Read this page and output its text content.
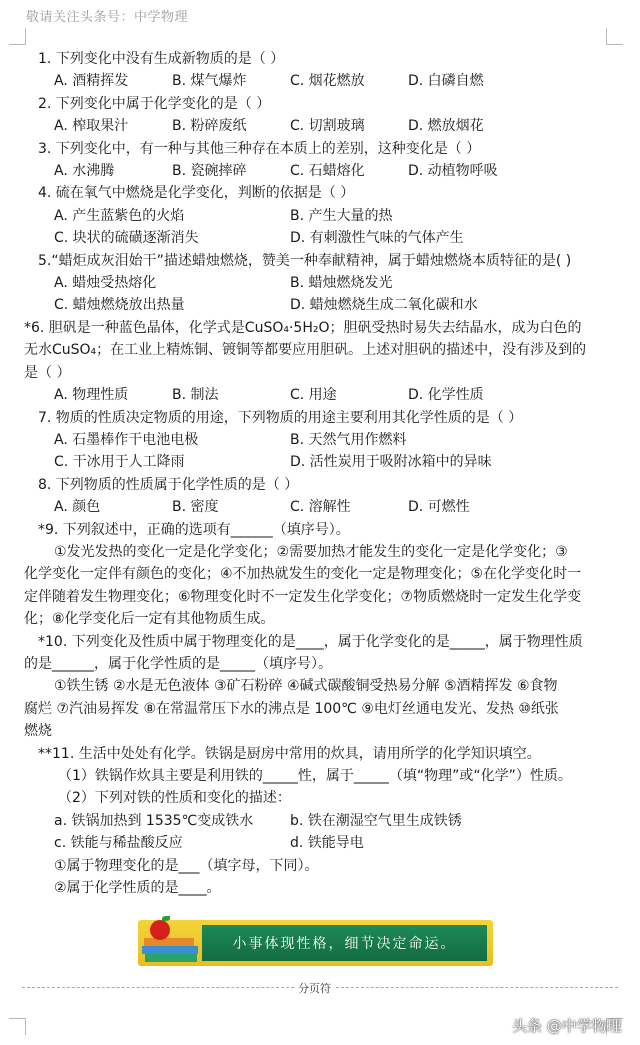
敬请关注头条号：中学物理
1. 下列变化中没有生成新物质的是（ ）
A. 酒精挥发	B. 煤气爆炸	C. 烟花燃放	D. 白磷自燃
2. 下列变化中属于化学变化的是（ ）
A. 榨取果汁	B. 粉碎废纸	C. 切割玻璃	D. 燃放烟花
3. 下列变化中，有一种与其他三种存在本质上的差别，这种变化是（ ）
A. 水沸腾	B. 瓷碗摔碎	C. 石蜡熔化	D. 动植物呼吸
4. 硫在氧气中燃烧是化学变化，判断的依据是（ ）
A. 产生蓝紫色的火焰	B. 产生大量的热
C. 块状的硫磺逐渐消失	D. 有刺激性气味的气体产生
5.“蜡炬成灰泪始干”描述蜡烛燃烧，赞美一种奉献精神，属于蜡烛燃烧本质特征的是( )
A. 蜡烛受热熔化	B. 蜡烛燃烧发光
C. 蜡烛燃烧放出热量	D. 蜡烛燃烧生成二氧化碳和水
*6. 胆矾是一种蓝色晶体，化学式是CuSO₄·5H₂O；胆矾受热时易失去结晶水，成为白色的
无水CuSO₄；在工业上精炼铜、镀铜等都要应用胆矾。上述对胆矾的描述中，没有涉及到的
是（ ）
A. 物理性质	B. 制法	C. 用途	D. 化学性质
7. 物质的性质决定物质的用途，下列物质的用途主要利用其化学性质的是（ ）
A. 石墨棒作干电池电极	B. 天然气用作燃料
C. 干冰用于人工降雨	D. 活性炭用于吸附冰箱中的异味
8. 下列物质的性质属于化学性质的是（ ）
A. 颜色	B. 密度	C. 溶解性	D. 可燃性
*9. 下列叙述中，正确的选项有______（填序号）。
①发光发热的变化一定是化学变化；②需要加热才能发生的变化一定是化学变化；③
化学变化一定伴有颜色的变化；④不加热就发生的变化一定是物理变化；⑤在化学变化时一
定伴随着发生物理变化；⑥物理变化时不一定发生化学变化；⑦物质燃烧时一定发生化学变
化；⑧化学变化后一定有其他物质生成。
*10. 下列变化及性质中属于物理变化的是____，属于化学变化的是_____，属于物理性质
的是______，属于化学性质的是_____（填序号）。
①铁生锈 ②水是无色液体 ③矿石粉碎 ④碱式碳酸铜受热易分解 ⑤酒精挥发 ⑥食物
腐烂 ⑦汽油易挥发 ⑧在常温常压下水的沸点是 100℃ ⑨电灯丝通电发光、发热 ⑩纸张
燃烧
**11. 生活中处处有化学。铁锅是厨房中常用的炊具，请用所学的化学知识填空。
（1）铁锅作炊具主要是利用铁的_____性，属于_____（填“物理”或“化学”）性质。
（2）下列对铁的性质和变化的描述：
a. 铁锅加热到 1535℃变成铁水	b. 铁在潮湿空气里生成铁锈
c. 铁能与稀盐酸反应	d. 铁能导电
①属于物理变化的是___（填字母，下同）。
②属于化学性质的是____。
小事体现性格，细节决定命运。
分页符
头条 @中学物理
